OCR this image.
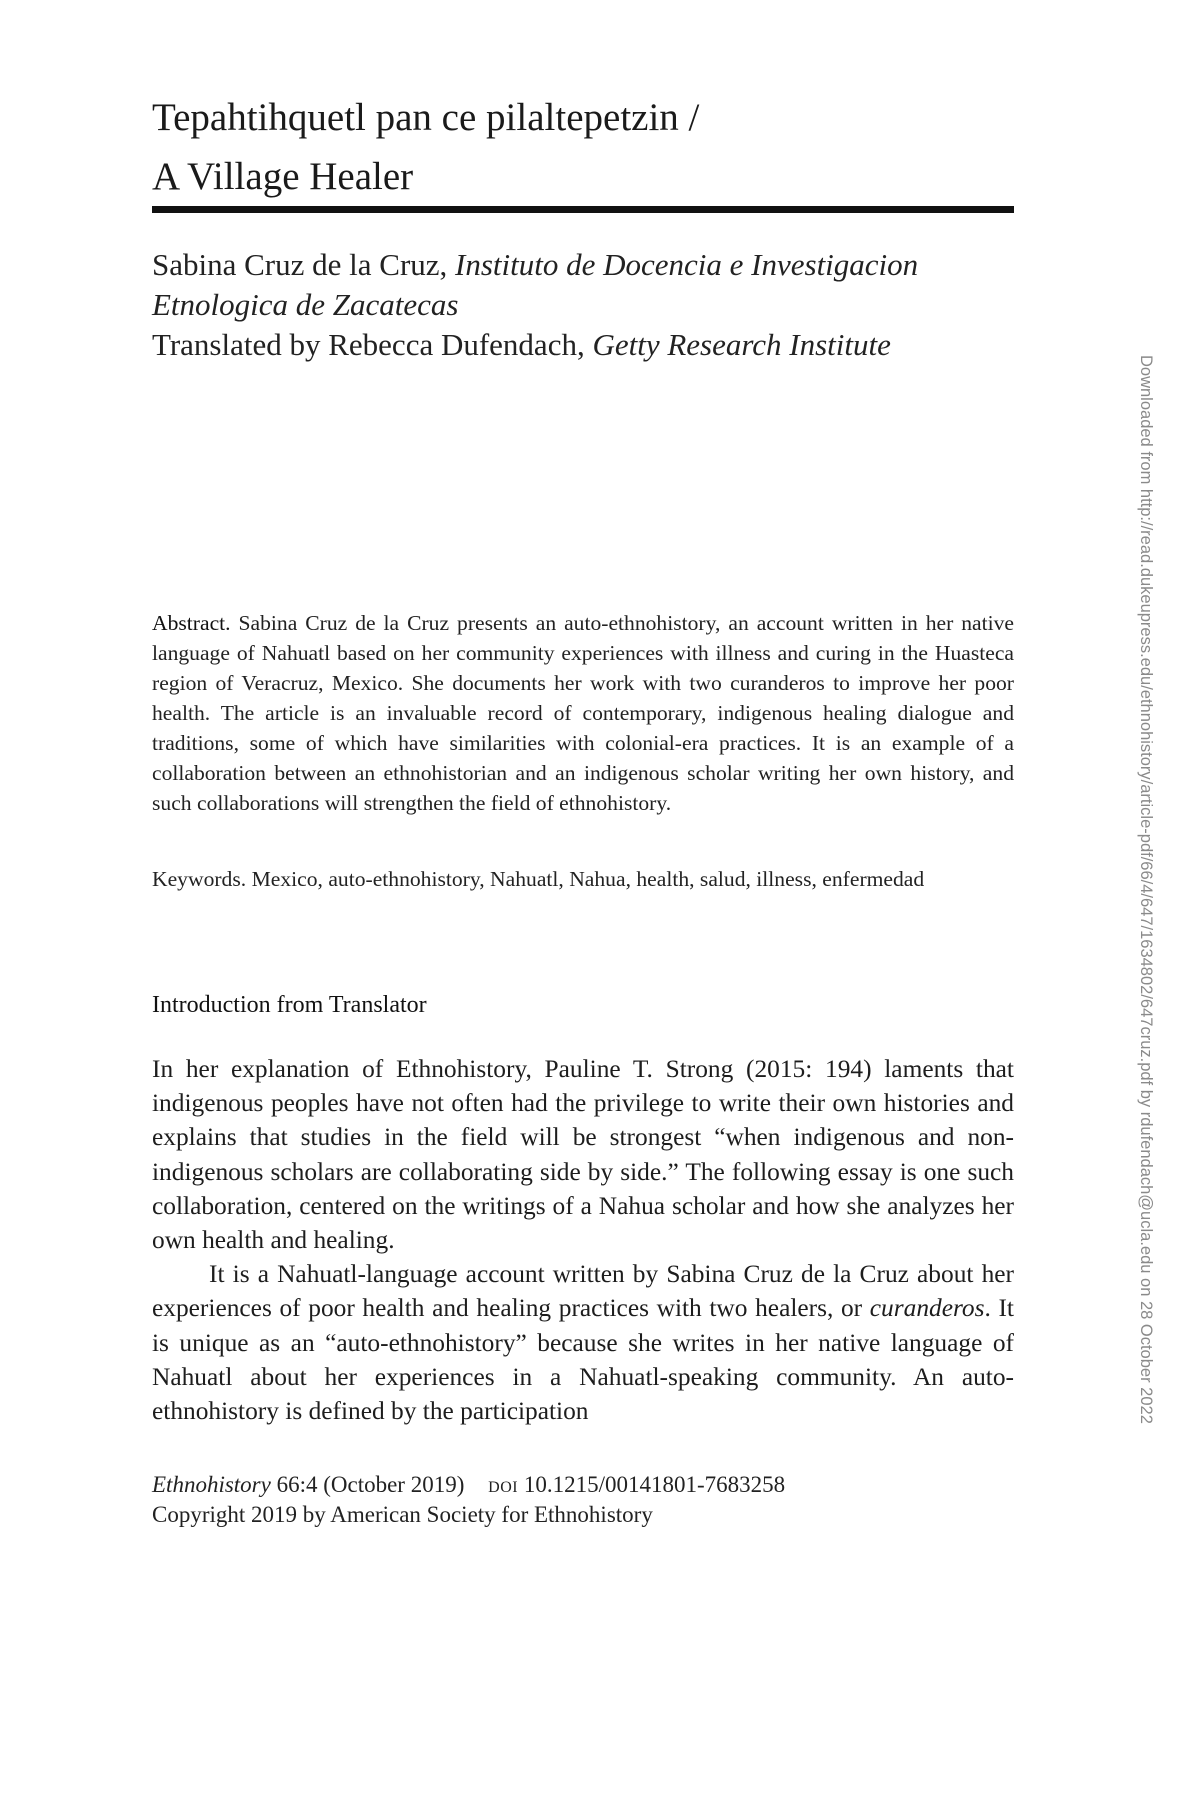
Tepahtihquetl pan ce pilaltepetzin /
A Village Healer
Sabina Cruz de la Cruz, Instituto de Docencia e Investigacion
Etnologica de Zacatecas
Translated by Rebecca Dufendach, Getty Research Institute
Abstract. Sabina Cruz de la Cruz presents an auto-ethnohistory, an account written in her native language of Nahuatl based on her community experiences with illness and curing in the Huasteca region of Veracruz, Mexico. She documents her work with two curanderos to improve her poor health. The article is an invaluable record of contemporary, indigenous healing dialogue and traditions, some of which have similarities with colonial-era practices. It is an example of a collaboration between an ethnohistorian and an indigenous scholar writing her own history, and such collaborations will strengthen the field of ethnohistory.
Keywords. Mexico, auto-ethnohistory, Nahuatl, Nahua, health, salud, illness, enfermedad
Introduction from Translator

In her explanation of Ethnohistory, Pauline T. Strong (2015: 194) laments that indigenous peoples have not often had the privilege to write their own histories and explains that studies in the field will be strongest “when indigenous and non-indigenous scholars are collaborating side by side.” The following essay is one such collaboration, centered on the writings of a Nahua scholar and how she analyzes her own health and healing.

It is a Nahuatl-language account written by Sabina Cruz de la Cruz about her experiences of poor health and healing practices with two healers, or curanderos. It is unique as an “auto-ethnohistory” because she writes in her native language of Nahuatl about her experiences in a Nahuatl-speaking community. An auto-ethnohistory is defined by the participation

Ethnohistory 66:4 (October 2019) doi 10.1215/00141801-7683258
Copyright 2019 by American Society for Ethnohistory
Downloaded from http://read.dukeupress.edu/ethnohistory/article-pdf/66/4/647/1634802/647cruz.pdf by rdufendach@ucla.edu on 28 October 2022
